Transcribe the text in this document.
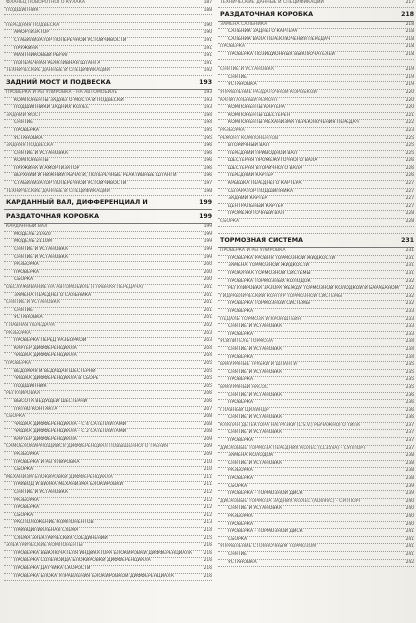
ФЛАНЕЦ ПОВОРОТНОГО КУЛАКА	187
ПОДШИПНИК	188
ПЕРЕДНЯЯ ПОДВЕСКА	190
АМОРТИЗАТОР	190
СТАБИЛИЗАТОР ПОПЕРЕЧНОЙ УСТОЙЧИВОСТИ	191
ПРУЖИНА	191
МАЯТНИКОВЫЙ РЫЧАГ	191
ПОПЕРЕЧНАЯ РЕАКТИВНАЯ ШТАНГА	191
ТЕХНИЧЕСКИЕ ДАННЫЕ И СПЕЦИФИКАЦИИ	192
ЗАДНИЙ МОСТ И ПОДВЕСКА	193
ПРОВЕРКА И РЕГУЛИРОВКА - НА АВТОМОБИЛЕ	193
КОМПОНЕНТЫ ЗАДНЕГО МОСТА И ПОДВЕСКИ	193
ПОДШИПНИКИ ЗАДНИХ КОЛЕС	193
ЗАДНИЙ МОСТ	194
СНЯТИЕ	194
ПРОВЕРКА	195
УСТАНОВКА	195
ЗАДНЯЯ ПОДВЕСКА	196
СНЯТИЕ И УСТАНОВКА	196
КОМПОНЕНТЫ	196
ПРУЖИНА И АМОРТИЗАТОР	196
ВЕРХНИЙ И НИЖНИЙ РЫЧАГИ, ПОПЕРЕЧНЫЕ РЕАКТИВНЫЕ ШТАНГИ	196
СТАБИЛИЗАТОР ПОПЕРЕЧНОЙ УСТОЙЧИВОСТИ	197
ТЕХНИЧЕСКИЕ ДАННЫЕ И СПЕЦИФИКАЦИИ	198
КАРДАННЫЙ ВАЛ, ДИФФЕРЕНЦИАЛ И	199
РАЗДАТОЧНАЯ КОРОБКА	199
КАРДАННЫЙ ВАЛ	199
МОДЕЛЬ 21920	199
МОДЕЛЬ 2110М	199
СНЯТИЕ И УСТАНОВКА	199
СНЯТИЕ И УСТАНОВКА	199
РАЗБОРКА	200
ПРОВЕРКА	200
СБОРКА	200
ОБСЛУЖИВАНИЕ НА АВТОМОБИЛЕ (ГЛАВНАЯ ПЕРЕДАЧА)	201
ЗАМЕНА ПЕРЕДНЕГО САЛЬНИКА	201
СНЯТИЕ И УСТАНОВКА	201
СНЯТИЕ	201
УСТАНОВКА	201
ГЛАВНАЯ ПЕРЕДАЧА	202
РАЗБОРКА	203
ПРОВЕРКА ПЕРЕД РАЗБОРКОЙ	203
КАРТЕР ДИФФЕРЕНЦИАЛА	204
ЧАШКА ДИФФЕРЕНЦИАЛА	204
ПРОВЕРКА	205
ВЕДОМАЯ И ВЕДУЩАЯ ШЕСТЕРНИ	205
ЧАШКА ДИФФЕРЕНЦИАЛА В СБОРЕ	205
ПОДШИПНИК	205
РЕГУЛИРОВКА	206
ВЫСОТА ВЕДУЩЕЙ ШЕСТЕРНИ	206
ПЯТНО КОНТАКТА	207
СБОРКА	208
ЧАШКА ДИФФЕРЕНЦИАЛА - С 4 САТЕЛЛИТАМИ	208
ЧАШКА ДИФФЕРЕНЦИАЛА - С 2 САТЕЛЛИТАМИ	208
КАРТЕР ДИФФЕРЕНЦИАЛА	209
САМОБЛОКИРУЮЩИЙСЯ ДИФФЕРЕНЦИАЛ ПОВЫШЕННОГО ТРЕНИЯ	209
РАЗБОРКА	209
ПРОВЕРКА И РЕГУЛИРОВКА	210
СБОРКА	210
МЕХАНИЗМ БЛОКИРОВКИ ДИФФЕРЕНЦИАЛА	211
ПРИВОД И ВИЛКА МЕХАНИЗМА БЛОКИРОВКИ	211
СНЯТИЕ И УСТАНОВКА	212
РАЗБОРКА	212
ПРОВЕРКА	212
СБОРКА	212
РАСПОЛОЖЕНИЕ КОМПОНЕНТОВ	213
ПРИНЦИПИАЛЬНАЯ СХЕМА	214
СХЕМА ЭЛЕКТРИЧЕСКИХ СОЕДИНЕНИЙ	215
ЭЛЕКТРИЧЕСКИЕ КОМПОНЕНТЫ	216
ПРОВЕРКА ВЫКЛЮЧАТЕЛЯ ИНДИКАТОРА БЛОКИРОВКИ ДИФФЕРЕНЦИАЛА	216
ПРОВЕРКА СОЛЕНОИДА БЛОКИРОВКИ ДИФФЕРЕНЦИАЛА	216
ПРОВЕРКА ДАТЧИКА СКОРОСТИ	216
ПРОВЕРКА БЛОКА УПРАВЛЕНИЯ БЛОКИРОВКОЙ ДИФФЕРЕНЦИАЛА	216
ТЕХНИЧЕСКИЕ ДАННЫЕ И СПЕЦИФИКАЦИИ	217
РАЗДАТОЧНАЯ КОРОБКА	218
ЗАМЕНА САЛЬНИКА	218
САЛЬНИК ЗАДНЕГО КАРТЕРА	218
САЛЬНИК ВАЛА ПЕРЕКЛЮЧЕНИЯ ПЕРЕДАЧ	218
ПРОВЕРКА	218
ПРОВЕРКА ПОЗИЦИОННЫХ ВЫКЛЮЧАТЕЛЕЙ	218
СНЯТИЕ И УСТАНОВКА	219
СНЯТИЕ	219
УСТАНОВКА	219
УПРАВЛЕНИЕ РАЗДАТОЧНОЙ КОРОБКОЙ	220
КАПИТАЛЬНЫЙ РЕМОНТ	220
КОМПОНЕНТЫ КАРТЕРА	220
КОМПОНЕНТЫ ШЕСТЕРЕН	221
КОМПОНЕНТЫ МЕХАНИЗМА ПЕРЕКЛЮЧЕНИЯ ПЕРЕДАЧ	222
РАЗБОРКА	223
РЕМОНТ КОМПОНЕНТОВ	225
ВТОРИЧНЫЙ ВАЛ	225
ПЕРЕДНИЙ ПРИВОДНОЙ ВАЛ	225
ШЕСТЕРНЯ ПРОМЕЖУТОЧНОГО ВАЛА	226
ШЕСТЕРНЯ ВТОРИЧНОГО ВАЛА	226
ПЕРЕДНИЙ КАРТЕР	226
КРЫШКА ПЕРЕДНЕГО КАРТЕРА	227
СЕПАРАТОР ПОДШИПНИКА	227
ЗАДНИЙ КАРТЕР	227
ЦЕНТРАЛЬНЫЙ КАРТЕР	227
ПРОМЕЖУТОЧНЫЙ ВАЛ	228
СБОРКА	228
ТОРМОЗНАЯ СИСТЕМА	231
ПРОВЕРКА И РЕГУЛИРОВКА	231
ПРОВЕРКА УРОВНЯ ТОРМОЗНОЙ ЖИДКОСТИ	231
ЗАМЕНА ТОРМОЗНОЙ ЖИДКОСТИ	231
ПРОКАЧКА ТОРМОЗНОЙ СИСТЕМЫ	231
ПРОВЕРКА ТОРМОЗНЫХ КОЛОДОК	232
РЕГУЛИРОВКА ЗАЗОРА МЕЖДУ ТОРМОЗНОЙ КОЛОДКОЙ И БАРАБАНОМ	232
ГИДРАВЛИЧЕСКИЙ КОНТУР ТОРМОЗНОЙ СИСТЕМЫ	232
ПРОВЕРКА ТОРМОЗНОЙ СИСТЕМЫ	232
ПРОВЕРКА	233
ПЕДАЛЬ ТОРМОЗА И КРОНШТЕЙН	233
СНЯТИЕ И УСТАНОВКА	233
ПРОВЕРКА	233
УСИЛИТЕЛЬ ТОРМОЗА	234
СНЯТИЕ И УСТАНОВКА	234
ПРОВЕРКА	234
ВАКУУМНЫЕ ТРУБКИ И ШЛАНГИ	235
СНЯТИЕ И УСТАНОВКА	235
ПРОВЕРКА	235
ВАКУУМНЫЙ НАСОС	235
СНЯТИЕ И УСТАНОВКА	236
ПРОВЕРКА	236
ГЛАВНЫЙ ЦИЛИНДР	236
СНЯТИЕ И УСТАНОВКА	236
КЛАПАН ДЕТЕКТОРА НАГРУЗКИ (L.S.V.) РЫЧАЖНОГО ТИПА	237
СНЯТИЕ И УСТАНОВКА	237
ПРОВЕРКА	237
ДИСКОВЫЕ ТОРМОЗА ПЕРЕДНИХ КОЛЕС (CL35VA) - СУППОРТ	237
ЗАМЕНА КОЛОДОК	238
СНЯТИЕ И УСТАНОВКА	238
РАЗБОРКА	238
ПРОВЕРКА	238
СБОРКА	239
ПРОВЕРКА - ТОРМОЗНОЙ ДИСК	239
ДИСКОВЫЕ ТОРМОЗА ЗАДНИХ КОЛЕС (AD09VC) - СУППОРТ	240
СНЯТИЕ И УСТАНОВКА	240
РАЗБОРКА	240
ПРОВЕРКА	240
ПРОВЕРКА - ТОРМОЗНОЙ ДИСК	241
СБОРКА	241
УПРАВЛЕНИЕ СТОЯНОЧНЫМ ТОРМОЗОМ	241
СНЯТИЕ	241
УСТАНОВКА	242
